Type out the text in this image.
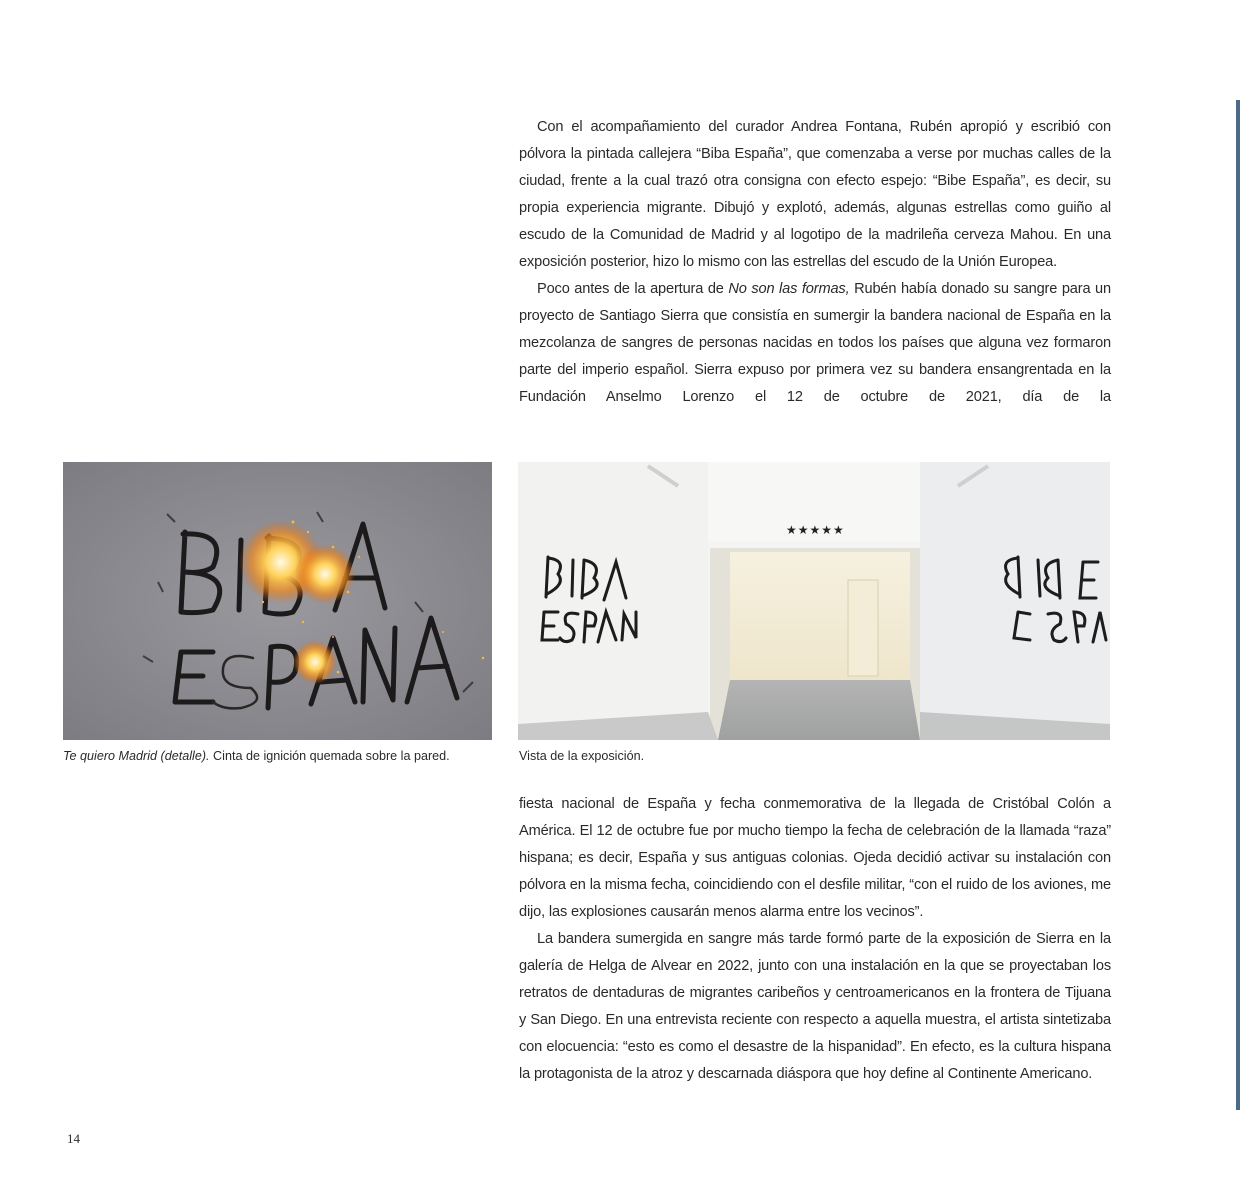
Con el acompañamiento del curador Andrea Fontana, Rubén apropió y escribió con pólvora la pintada callejera “Biba España”, que comenzaba a verse por muchas calles de la ciudad, frente a la cual trazó otra consigna con efecto espejo: “Bibe España”, es decir, su propia experiencia migrante. Dibujó y explotó, además, algunas estrellas como guiño al escudo de la Comunidad de Madrid y al logotipo de la madrileña cerveza Mahou. En una exposición posterior, hizo lo mismo con las estrellas del escudo de la Unión Europea.

Poco antes de la apertura de No son las formas, Rubén había donado su sangre para un proyecto de Santiago Sierra que consistía en sumergir la bandera nacional de España en la mezcolanza de sangres de personas nacidas en todos los países que alguna vez formaron parte del imperio español. Sierra expuso por primera vez su bandera ensangrentada en la Fundación Anselmo Lorenzo el 12 de octubre de 2021, día de la

★★★★★
Te quiero Madrid (detalle). Cinta de ignición quemada sobre la pared.	Vista de la exposición.

fiesta nacional de España y fecha conmemorativa de la llegada de Cristóbal Colón a América. El 12 de octubre fue por mucho tiempo la fecha de celebración de la llamada “raza” hispana; es decir, España y sus antiguas colonias. Ojeda decidió activar su instalación con pólvora en la misma fecha, coincidiendo con el desfile militar, “con el ruido de los aviones, me dijo, las explosiones causarán menos alarma entre los vecinos”.

La bandera sumergida en sangre más tarde formó parte de la exposición de Sierra en la galería de Helga de Alvear en 2022, junto con una instalación en la que se proyectaban los retratos de dentaduras de migrantes caribeños y centroamericanos en la frontera de Tijuana y San Diego. En una entrevista reciente con respecto a aquella muestra, el artista sintetizaba con elocuencia: “esto es como el desastre de la hispanidad”. En efecto, es la cultura hispana la protagonista de la atroz y descarnada diáspora que hoy define al Continente Americano.

14
